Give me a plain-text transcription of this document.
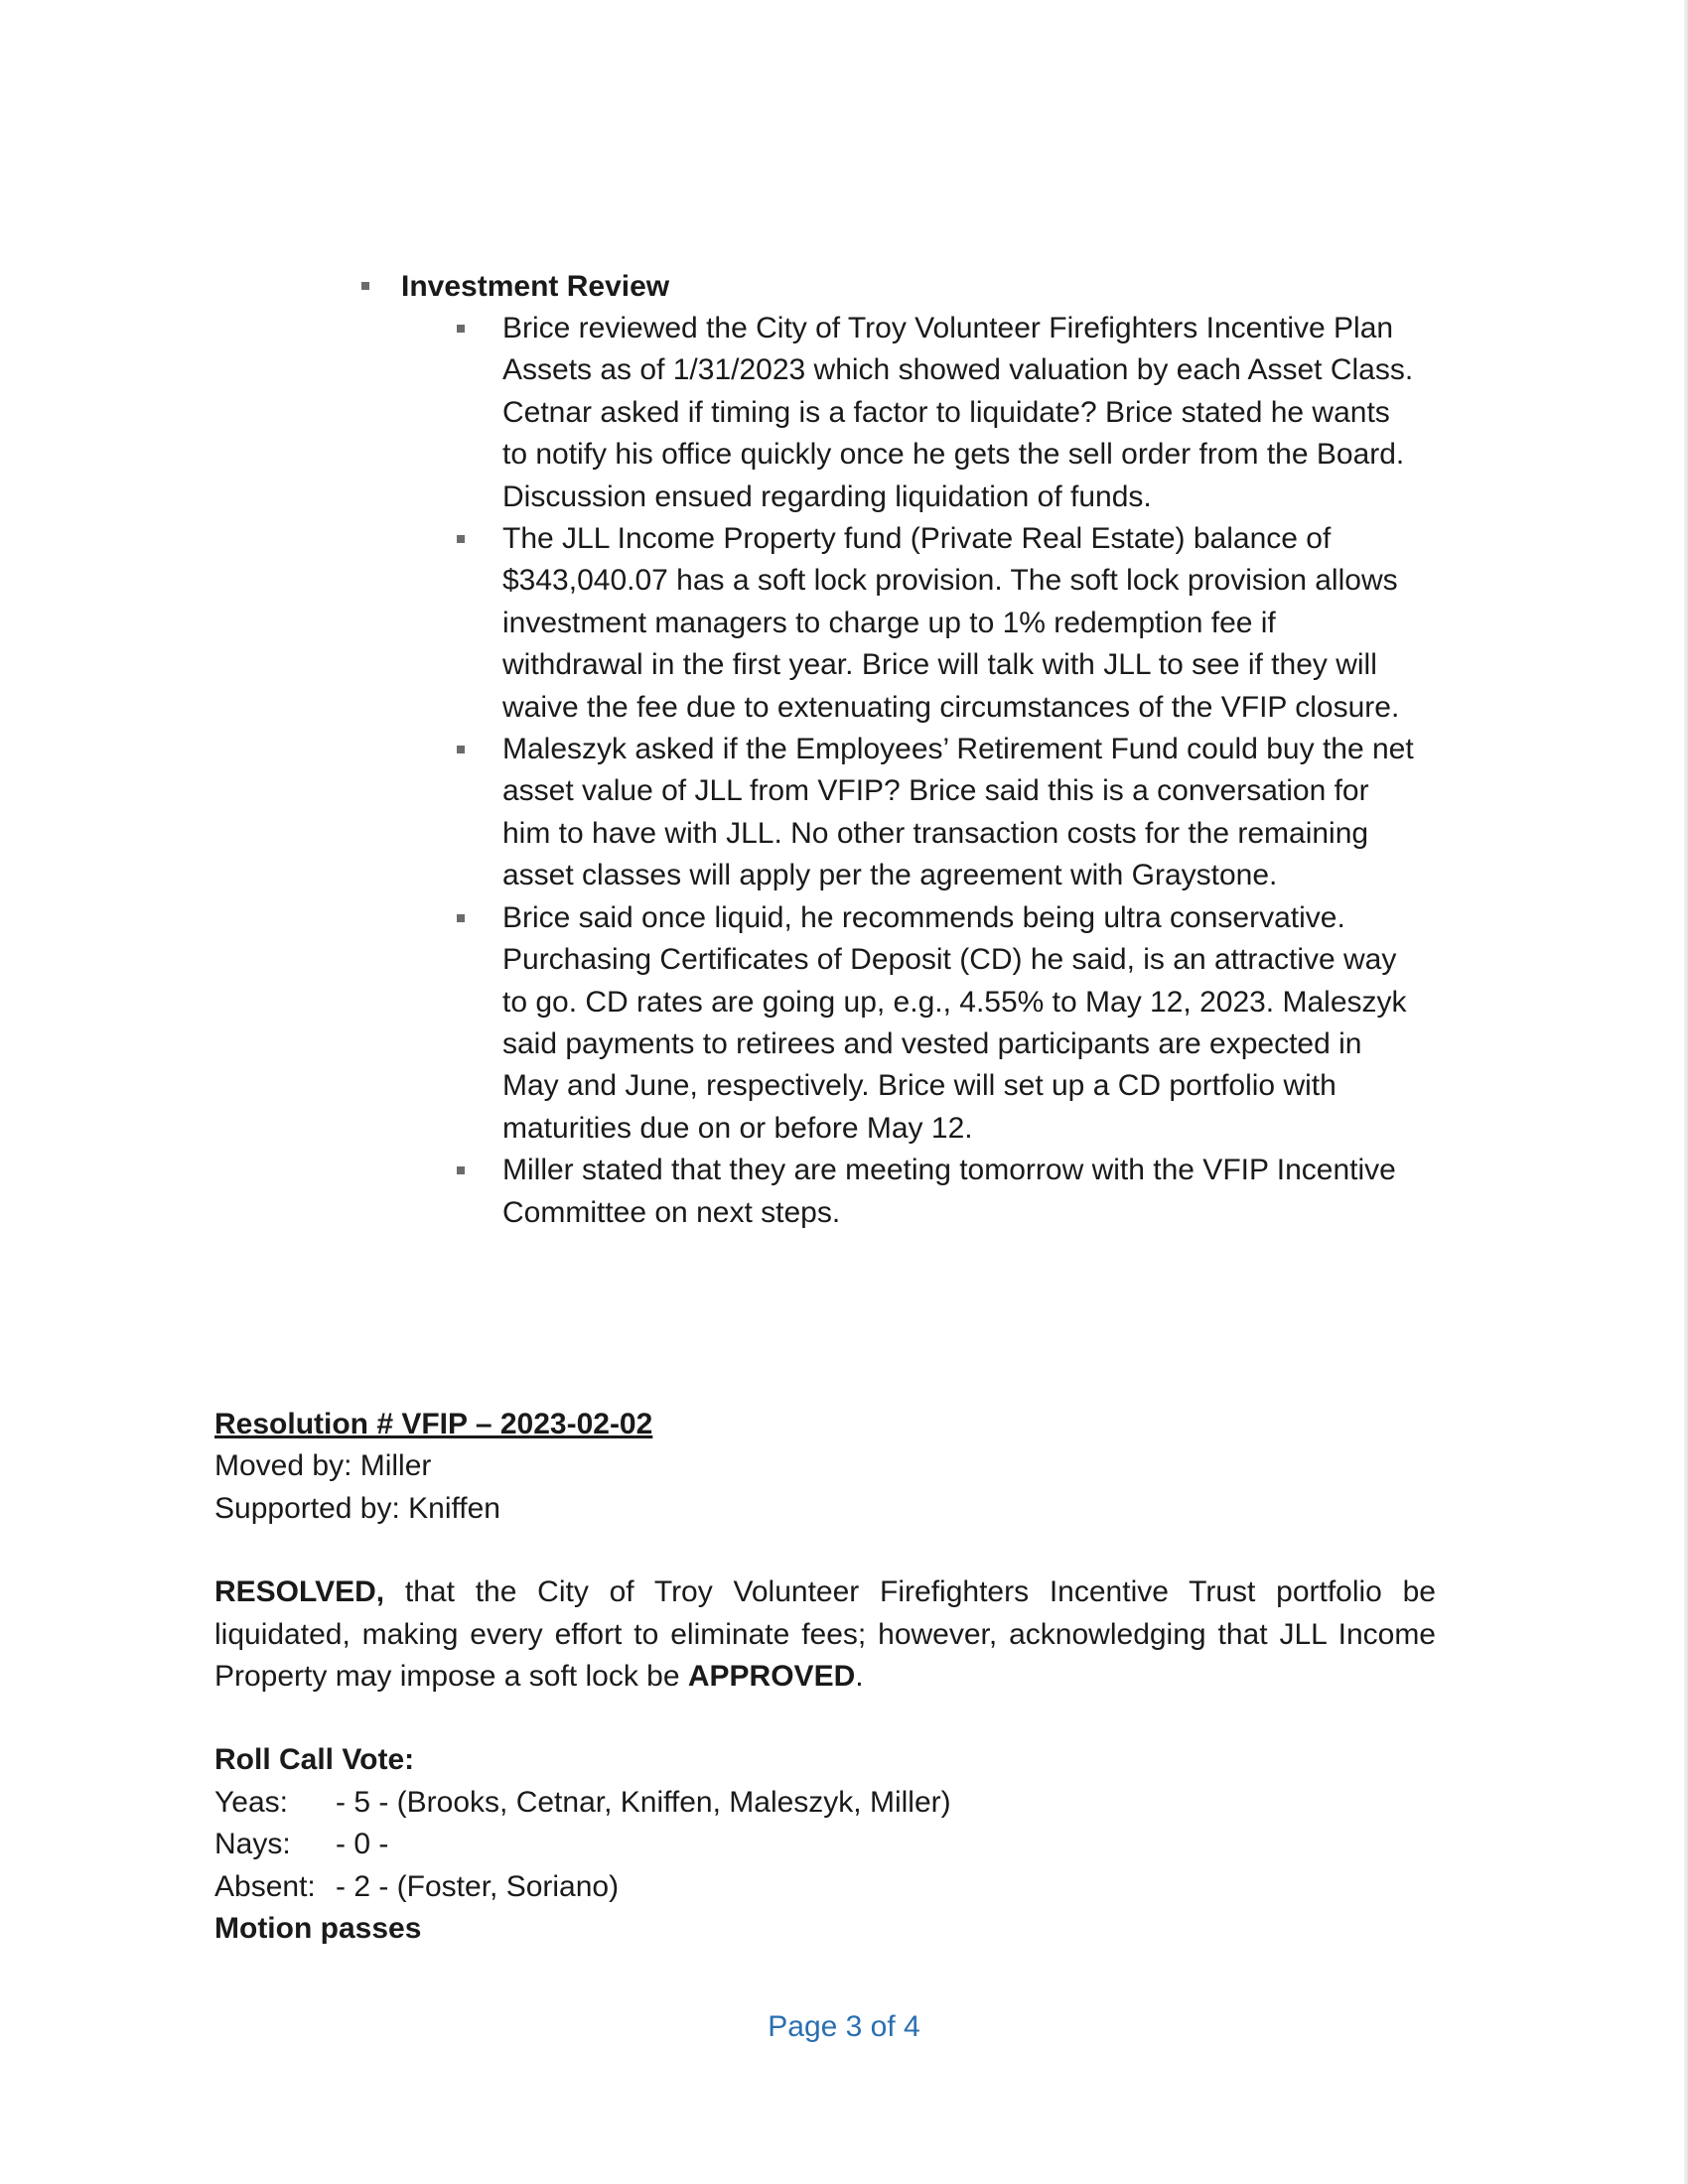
Investment Review
Brice reviewed the City of Troy Volunteer Firefighters Incentive Plan Assets as of 1/31/2023 which showed valuation by each Asset Class. Cetnar asked if timing is a factor to liquidate? Brice stated he wants to notify his office quickly once he gets the sell order from the Board. Discussion ensued regarding liquidation of funds.
The JLL Income Property fund (Private Real Estate) balance of $343,040.07 has a soft lock provision. The soft lock provision allows investment managers to charge up to 1% redemption fee if withdrawal in the first year. Brice will talk with JLL to see if they will waive the fee due to extenuating circumstances of the VFIP closure.
Maleszyk asked if the Employees’ Retirement Fund could buy the net asset value of JLL from VFIP? Brice said this is a conversation for him to have with JLL. No other transaction costs for the remaining asset classes will apply per the agreement with Graystone.
Brice said once liquid, he recommends being ultra conservative. Purchasing Certificates of Deposit (CD) he said, is an attractive way to go. CD rates are going up, e.g., 4.55% to May 12, 2023. Maleszyk said payments to retirees and vested participants are expected in May and June, respectively. Brice will set up a CD portfolio with maturities due on or before May 12.
Miller stated that they are meeting tomorrow with the VFIP Incentive Committee on next steps.
Resolution # VFIP – 2023-02-02
Moved by: Miller
Supported by: Kniffen
RESOLVED, that the City of Troy Volunteer Firefighters Incentive Trust portfolio be liquidated, making every effort to eliminate fees; however, acknowledging that JLL Income Property may impose a soft lock be APPROVED.
Roll Call Vote:
Yeas:	- 5 - (Brooks, Cetnar, Kniffen, Maleszyk, Miller)
Nays:	- 0 -
Absent: - 2 - (Foster, Soriano)
Motion passes
Page 3 of 4
